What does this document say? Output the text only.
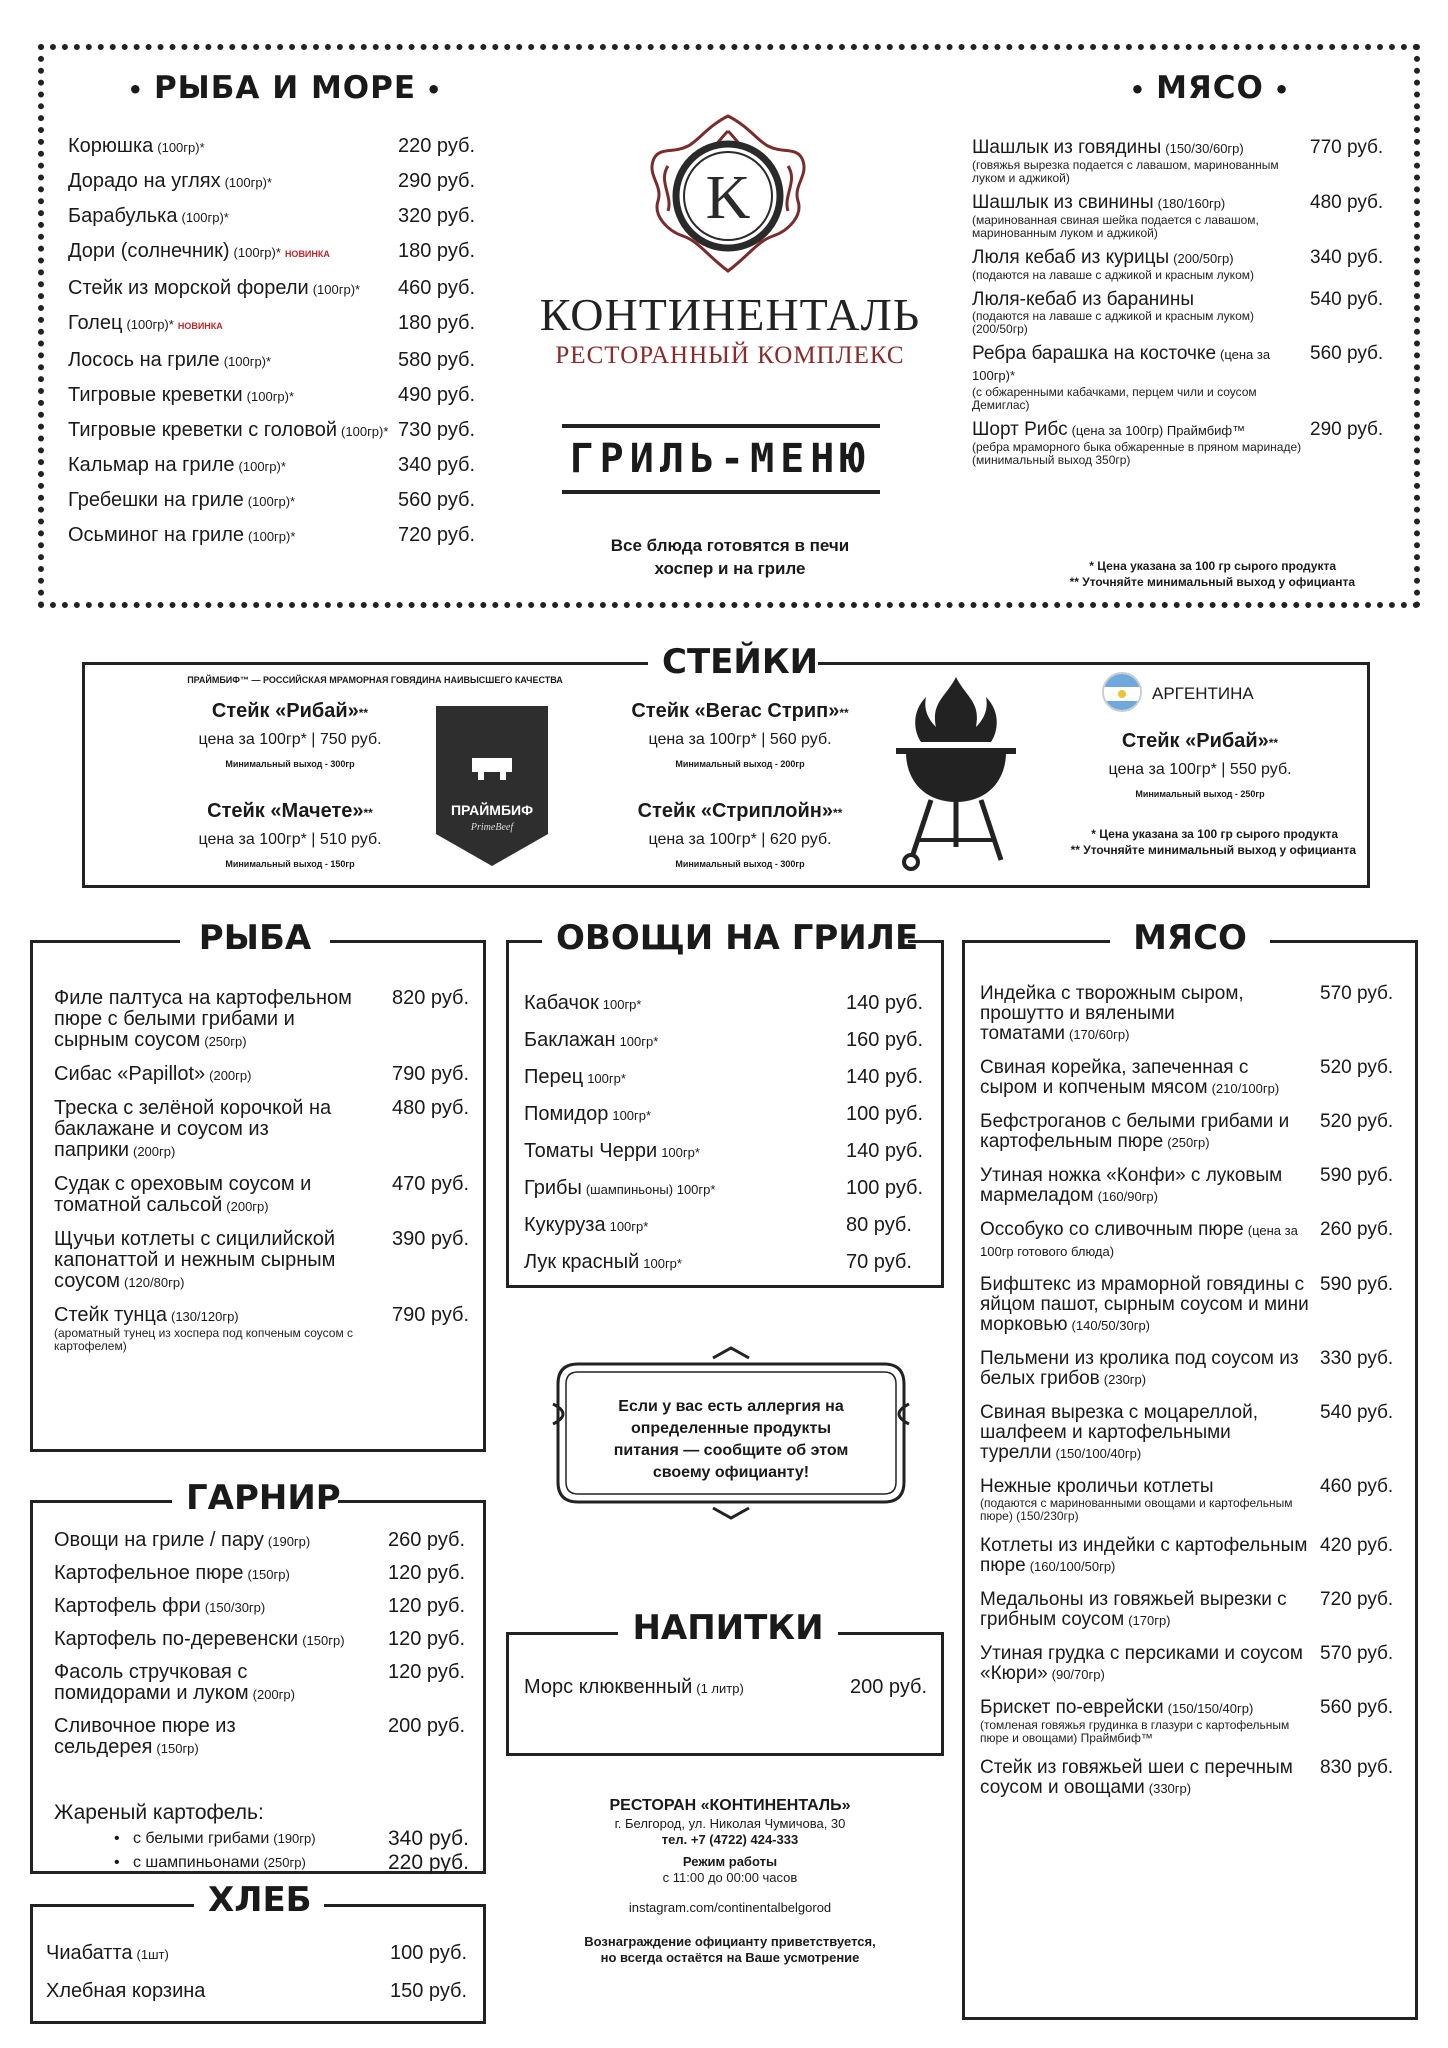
• РЫБА И МОРЕ •
Корюшка (100гр)*	220 руб.
Дорадо на углях (100гр)*	290 руб.
Барабулька (100гр)*	320 руб.
Дори (солнечник) (100гр)* НОВИНКА	180 руб.
Стейк из морской форели (100гр)*	460 руб.
Голец (100гр)* НОВИНКА	180 руб.
Лосось на гриле (100гр)*	580 руб.
Тигровые креветки (100гр)*	490 руб.
Тигровые креветки с головой (100гр)* 730 руб.
Кальмар на гриле (100гр)*	340 руб.
Гребешки на гриле (100гр)*	560 руб.
Осьминог на гриле (100гр)*	720 руб.
K
КОНТИНЕНТАЛЬ
РЕСТОРАННЫЙ КОМПЛЕКС
ГРИЛЬ-МЕНЮ
Все блюда готовятся в печи хоспер и на гриле
• МЯСО •
Шашлык из говядины (150/30/60гр)
(говяжья вырезка подается с лавашом, маринованным луком и аджикой)
770 руб.
Шашлык из свинины (180/160гр)
(маринованная свиная шейка подается с лавашом, маринованным луком и аджикой)
480 руб.
Люля кебаб из курицы (200/50гр)
(подаются на лаваше с аджикой и красным луком)
340 руб.
Люля-кебаб из баранины
(подаются на лаваше с аджикой и красным луком) (200/50гр)
540 руб.
Ребра барашка на косточке (цена за 100гр)*
(с обжаренными кабачками, перцем чили и соусом Демиглас)
560 руб.
Шорт Рибс (цена за 100гр) Праймбиф™
(ребра мраморного быка обжаренные в пряном маринаде) (минимальный выход 350гр)
290 руб.
* Цена указана за 100 гр сырого продукта
** Уточняйте минимальный выход у официанта
СТЕЙКИ
ПРАЙМБИФ™ — РОССИЙСКАЯ МРАМОРНАЯ ГОВЯДИНА НАИВЫСШЕГО КАЧЕСТВА
Стейк «Рибай»**
цена за 100гр* | 750 руб.
Минимальный выход - 300гр
Стейк «Мачете»**
цена за 100гр* | 510 руб.
Минимальный выход - 150гр
ПРАЙМБИФ
PrimeBeef
Стейк «Вегас Стрип»**
цена за 100гр* | 560 руб.
Минимальный выход - 200гр
Стейк «Стриплойн»**
цена за 100гр* | 620 руб.
Минимальный выход - 300гр
АРГЕНТИНА
Стейк «Рибай»**
цена за 100гр* | 550 руб.
Минимальный выход - 250гр
* Цена указана за 100 гр сырого продукта
** Уточняйте минимальный выход у официанта
РЫБА
Филе палтуса на картофельном пюре с белыми грибами и сырным соусом (250гр)
820 руб.
Сибас «Papillot» (200гр)	790 руб.
Треска с зелёной корочкой на баклажане и соусом из паприки (200гр)
480 руб.
Судак с ореховым соусом и томатной сальсой (200гр)
470 руб.
Щучьи котлеты с сицилийской капонаттой и нежным сырным соусом (120/80гр)
390 руб.
Стейк тунца (130/120гр)
(ароматный тунец из хоспера под копченым соусом с картофелем)
790 руб.
ОВОЩИ НА ГРИЛЕ
Кабачок 100гр*	140 руб.
Баклажан 100гр*	160 руб.
Перец 100гр*	140 руб.
Помидор 100гр*	100 руб.
Томаты Черри 100гр*	140 руб.
Грибы (шампиньоны) 100гр*	100 руб.
Кукуруза 100гр*	80 руб.
Лук красный 100гр*	70 руб.
Если у вас есть аллергия на определенные продукты питания — сообщите об этом своему официанту!
НАПИТКИ
Морс клюквенный (1 литр)	200 руб.
РЕСТОРАН «КОНТИНЕНТАЛЬ»
г. Белгород, ул. Николая Чумичова, 30
тел. +7 (4722) 424-333
Режим работы
с 11:00 до 00:00 часов
instagram.com/continentalbelgorod
Вознаграждение официанту приветствуется,
но всегда остаётся на Ваше усмотрение
ГАРНИР
Овощи на гриле / пару (190гр)	260 руб.
Картофельное пюре (150гр)	120 руб.
Картофель фри (150/30гр)	120 руб.
Картофель по-деревенски (150гр)	120 руб.
Фасоль стручковая с помидорами и луком (200гр)
120 руб.
Сливочное пюре из сельдерея (150гр)
200 руб.
Жареный картофель:
•   с белыми грибами (190гр)	340 руб.
•   с шампиньонами (250гр)	220 руб.
ХЛЕБ
Чиабатта (1шт)	100 руб.
Хлебная корзина	150 руб.
МЯСО
Индейка с творожным сыром, прошутто и вялеными томатами (170/60гр)
570 руб.
Свиная корейка, запеченная с сыром и копченым мясом (210/100гр)
520 руб.
Бефстроганов с белыми грибами и картофельным пюре (250гр)
520 руб.
Утиная ножка «Конфи» с луковым мармеладом (160/90гр)
590 руб.
Оссобуко со сливочным пюре (цена за 100гр готового блюда)
260 руб.
Бифштекс из мраморной говядины с яйцом пашот, сырным соусом и мини морковью (140/50/30гр)
590 руб.
Пельмени из кролика под соусом из белых грибов (230гр)
330 руб.
Свиная вырезка с моцареллой, шалфеем и картофельными турелли (150/100/40гр)
540 руб.
Нежные кроличьи котлеты
(подаются с маринованными овощами и картофельным пюре) (150/230гр)
460 руб.
Котлеты из индейки с картофельным пюре (160/100/50гр)
420 руб.
Медальоны из говяжьей вырезки с грибным соусом (170гр)
720 руб.
Утиная грудка с персиками и соусом «Кюри» (90/70гр)
570 руб.
Брискет по-еврейски (150/150/40гр)
(томленая говяжья грудинка в глазури с картофельным пюре и овощами) Праймбиф™
560 руб.
Стейк из говяжьей шеи с перечным соусом и овощами (330гр)
830 руб.
